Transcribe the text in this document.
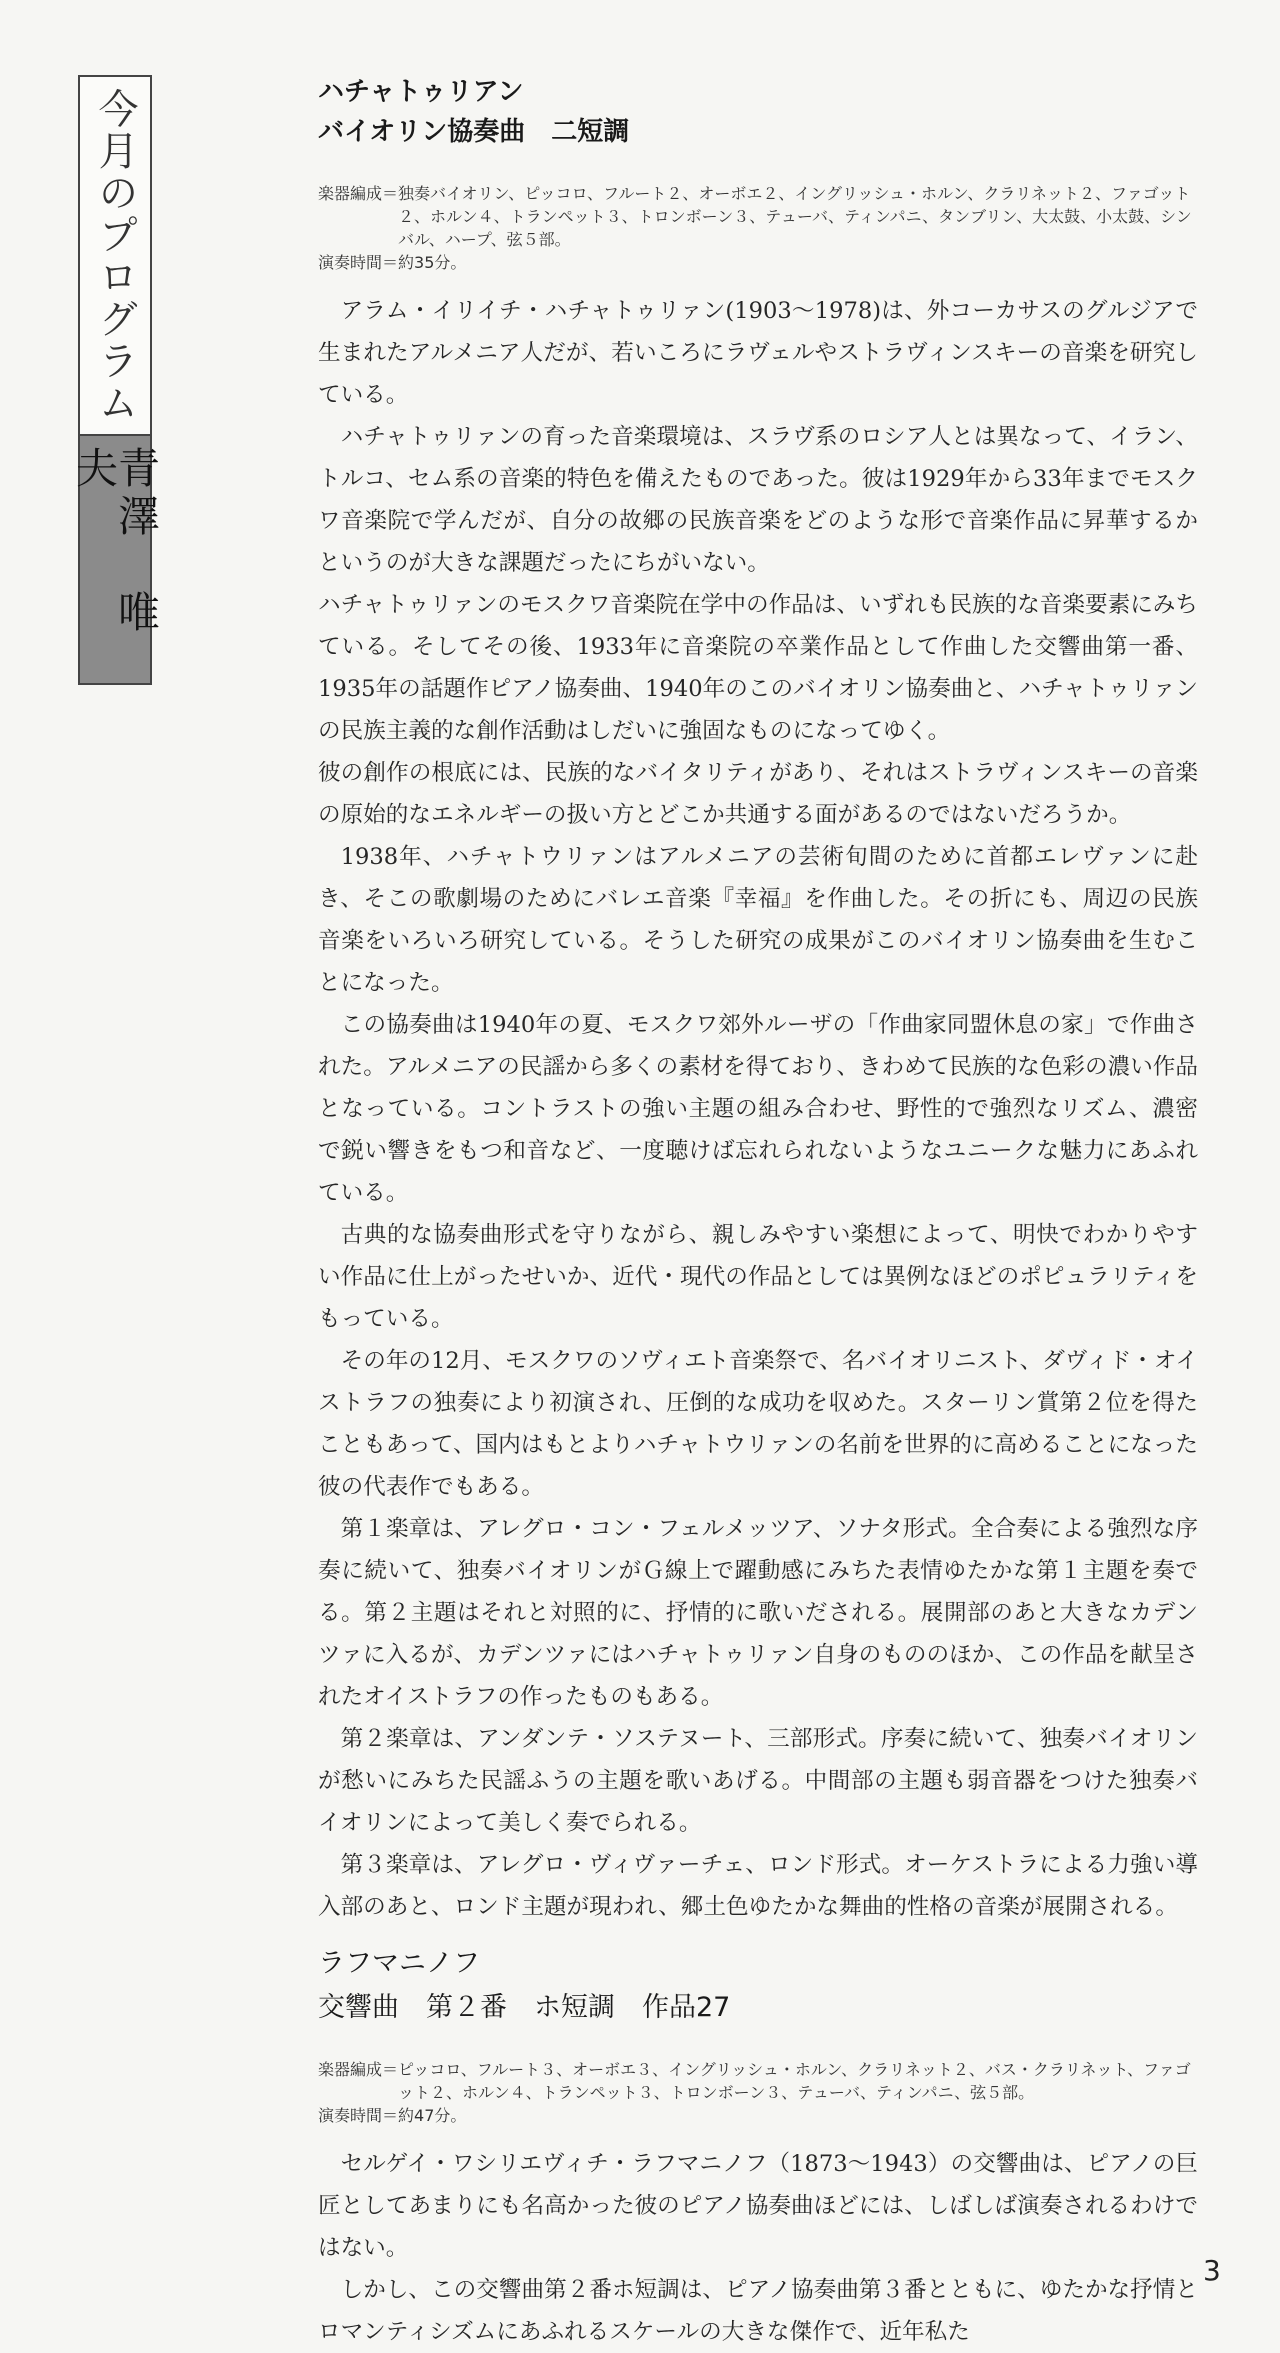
今月のプログラム
青澤　唯夫
ハチャトゥリアン
バイオリン協奏曲　二短調
楽器編成＝ 独奏バイオリン、ピッコロ、フルート２、オーボエ２、イングリッシュ・ホルン、クラリネット２、ファゴット２、ホルン４、トランペット３、トロンボーン３、テューバ、ティンパニ、タンブリン、大太鼓、小太鼓、シンバル、ハープ、弦５部。
演奏時間＝ 約35分。

アラム・イリイチ・ハチャトゥリァン(1903〜1978)は、外コーカサスのグルジアで生まれたアルメニア人だが、若いころにラヴェルやストラヴィンスキーの音楽を研究している。

ハチャトゥリァンの育った音楽環境は、スラヴ系のロシア人とは異なって、イラン、トルコ、セム系の音楽的特色を備えたものであった。彼は1929年から33年までモスクワ音楽院で学んだが、自分の故郷の民族音楽をどのような形で音楽作品に昇華するかというのが大きな課題だったにちがいない。

ハチャトゥリァンのモスクワ音楽院在学中の作品は、いずれも民族的な音楽要素にみちている。そしてその後、1933年に音楽院の卒業作品として作曲した交響曲第一番、1935年の話題作ピアノ協奏曲、1940年のこのバイオリン協奏曲と、ハチャトゥリァンの民族主義的な創作活動はしだいに強固なものになってゆく。

彼の創作の根底には、民族的なバイタリティがあり、それはストラヴィンスキーの音楽の原始的なエネルギーの扱い方とどこか共通する面があるのではないだろうか。

1938年、ハチャトウリァンはアルメニアの芸術旬間のために首都エレヴァンに赴き、そこの歌劇場のためにバレエ音楽『幸福』を作曲した。その折にも、周辺の民族音楽をいろいろ研究している。そうした研究の成果がこのバイオリン協奏曲を生むことになった。

この協奏曲は1940年の夏、モスクワ郊外ルーザの「作曲家同盟休息の家」で作曲された。アルメニアの民謡から多くの素材を得ており、きわめて民族的な色彩の濃い作品となっている。コントラストの強い主題の組み合わせ、野性的で強烈なリズム、濃密で鋭い響きをもつ和音など、一度聴けば忘れられないようなユニークな魅力にあふれている。

古典的な協奏曲形式を守りながら、親しみやすい楽想によって、明快でわかりやすい作品に仕上がったせいか、近代・現代の作品としては異例なほどのポピュラリティをもっている。

その年の12月、モスクワのソヴィエト音楽祭で、名バイオリニスト、ダヴィド・オイストラフの独奏により初演され、圧倒的な成功を収めた。スターリン賞第２位を得たこともあって、国内はもとよりハチャトウリァンの名前を世界的に高めることになった彼の代表作でもある。

第１楽章は、アレグロ・コン・フェルメッツア、ソナタ形式。全合奏による強烈な序奏に続いて、独奏バイオリンがＧ線上で躍動感にみちた表情ゆたかな第１主題を奏でる。第２主題はそれと対照的に、抒情的に歌いだされる。展開部のあと大きなカデンツァに入るが、カデンツァにはハチャトゥリァン自身のもののほか、この作品を献呈されたオイストラフの作ったものもある。

第２楽章は、アンダンテ・ソステヌート、三部形式。序奏に続いて、独奏バイオリンが愁いにみちた民謡ふうの主題を歌いあげる。中間部の主題も弱音器をつけた独奏バイオリンによって美しく奏でられる。

第３楽章は、アレグロ・ヴィヴァーチェ、ロンド形式。オーケストラによる力強い導入部のあと、ロンド主題が現われ、郷土色ゆたかな舞曲的性格の音楽が展開される。

ラフマニノフ
交響曲　第２番　ホ短調　作品27
楽器編成＝ ピッコロ、フルート３、オーボエ３、イングリッシュ・ホルン、クラリネット２、バス・クラリネット、ファゴット２、ホルン４、トランペット３、トロンボーン３、テューバ、ティンパニ、弦５部。
演奏時間＝ 約47分。

セルゲイ・ワシリエヴィチ・ラフマニノフ（1873〜1943）の交響曲は、ピアノの巨匠としてあまりにも名高かった彼のピアノ協奏曲ほどには、しばしば演奏されるわけではない。

しかし、この交響曲第２番ホ短調は、ピアノ協奏曲第３番とともに、ゆたかな抒情とロマンティシズムにあふれるスケールの大きな傑作で、近年私た

3
